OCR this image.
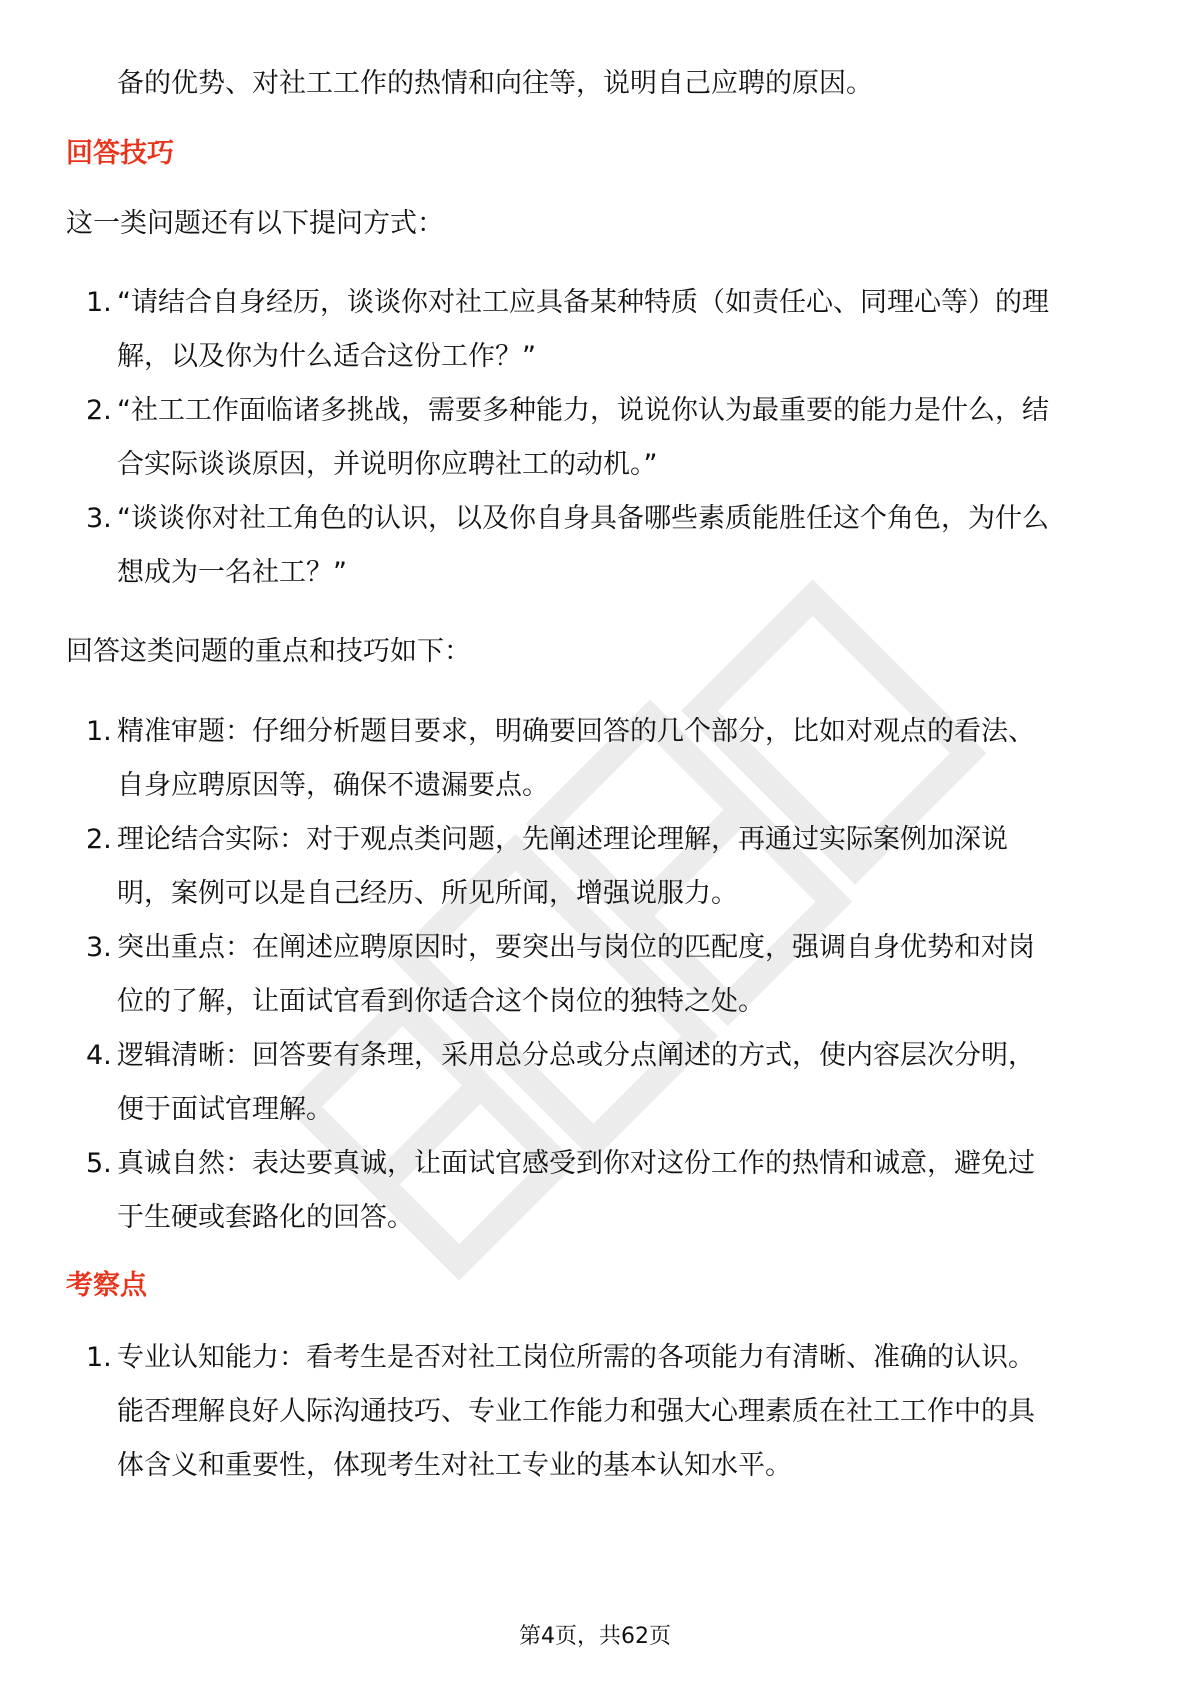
备的优势、对社工工作的热情和向往等，说明自己应聘的原因。
回答技巧
这一类问题还有以下提问方式：
1. “请结合自身经历，谈谈你对社工应具备某种特质（如责任心、同理心等）的理
解，以及你为什么适合这份工作？”
2. “社工工作面临诸多挑战，需要多种能力，说说你认为最重要的能力是什么，结
合实际谈谈原因，并说明你应聘社工的动机。”
3. “谈谈你对社工角色的认识，以及你自身具备哪些素质能胜任这个角色，为什么
想成为一名社工？”
回答这类问题的重点和技巧如下：
1. 精准审题：仔细分析题目要求，明确要回答的几个部分，比如对观点的看法、
自身应聘原因等，确保不遗漏要点。
2. 理论结合实际：对于观点类问题，先阐述理论理解，再通过实际案例加深说
明，案例可以是自己经历、所见所闻，增强说服力。
3. 突出重点：在阐述应聘原因时，要突出与岗位的匹配度，强调自身优势和对岗
位的了解，让面试官看到你适合这个岗位的独特之处。
4. 逻辑清晰：回答要有条理，采用总分总或分点阐述的方式，使内容层次分明，
便于面试官理解。
5. 真诚自然：表达要真诚，让面试官感受到你对这份工作的热情和诚意，避免过
于生硬或套路化的回答。
考察点
1. 专业认知能力：看考生是否对社工岗位所需的各项能力有清晰、准确的认识。
能否理解良好人际沟通技巧、专业工作能力和强大心理素质在社工工作中的具
体含义和重要性，体现考生对社工专业的基本认知水平。
第4页，共62页
